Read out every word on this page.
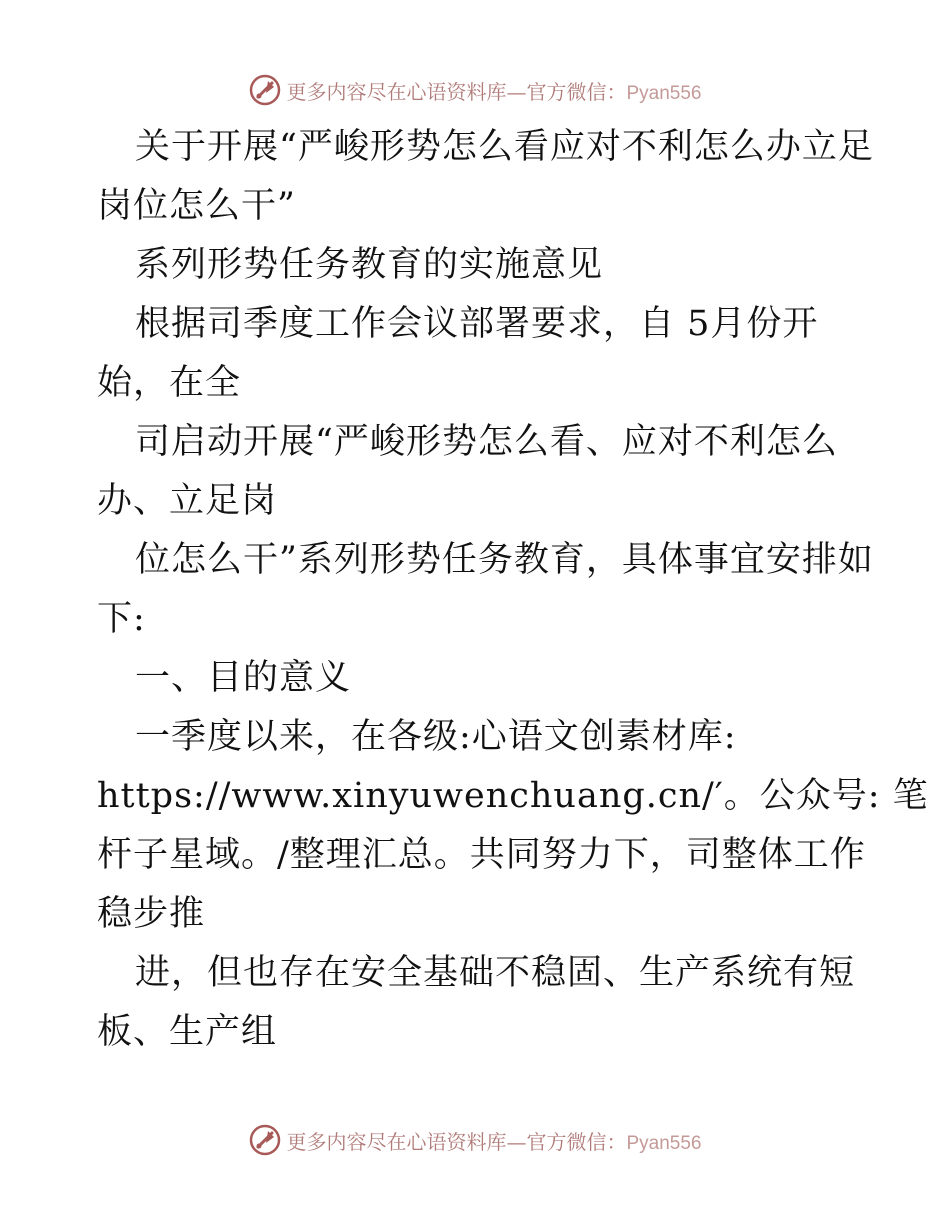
更多内容尽在心语资料库—官方微信：Pyan556

关于开展“严峻形势怎么看应对不利怎么办立足

岗位怎么干”

系列形势任务教育的实施意见

根据司季度工作会议部署要求，自 5月份开

始，在全

司启动开展“严峻形势怎么看、应对不利怎么

办、立足岗

位怎么干”系列形势任务教育，具体事宜安排如

下:

一、目的意义

一季度以来，在各级:心语文创素材库:

https://www.xinyuwenchuang.cn/′。公众号: 笔

杆子星域。/整理汇总。共同努力下，司整体工作

稳步推

进，但也存在安全基础不稳固、生产系统有短

板、生产组

更多内容尽在心语资料库—官方微信：Pyan556
